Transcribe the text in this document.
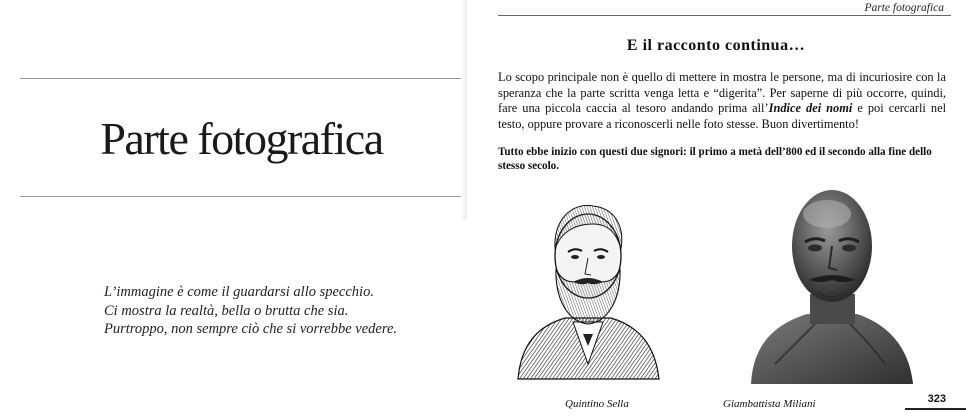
Parte fotografica
L’immagine è come il guardarsi allo specchio.
Ci mostra la realtà, bella o brutta che sia.
Purtroppo, non sempre ciò che si vorrebbe vedere.
Parte fotografica
E il racconto continua…
Lo scopo principale non è quello di mettere in mostra le persone, ma di incuriosire con la speranza che la parte scritta venga letta e “digerita”. Per saperne di più occorre, quindi, fare una piccola caccia al tesoro andando prima all’Indice dei nomi e poi cercarli nel testo, oppure provare a riconoscerli nelle foto stesse. Buon divertimento!
Tutto ebbe inizio con questi due signori: il primo a metà dell’800 ed il secondo alla fine dello stesso secolo.
Quintino Sella	Giambattista Miliani	323
